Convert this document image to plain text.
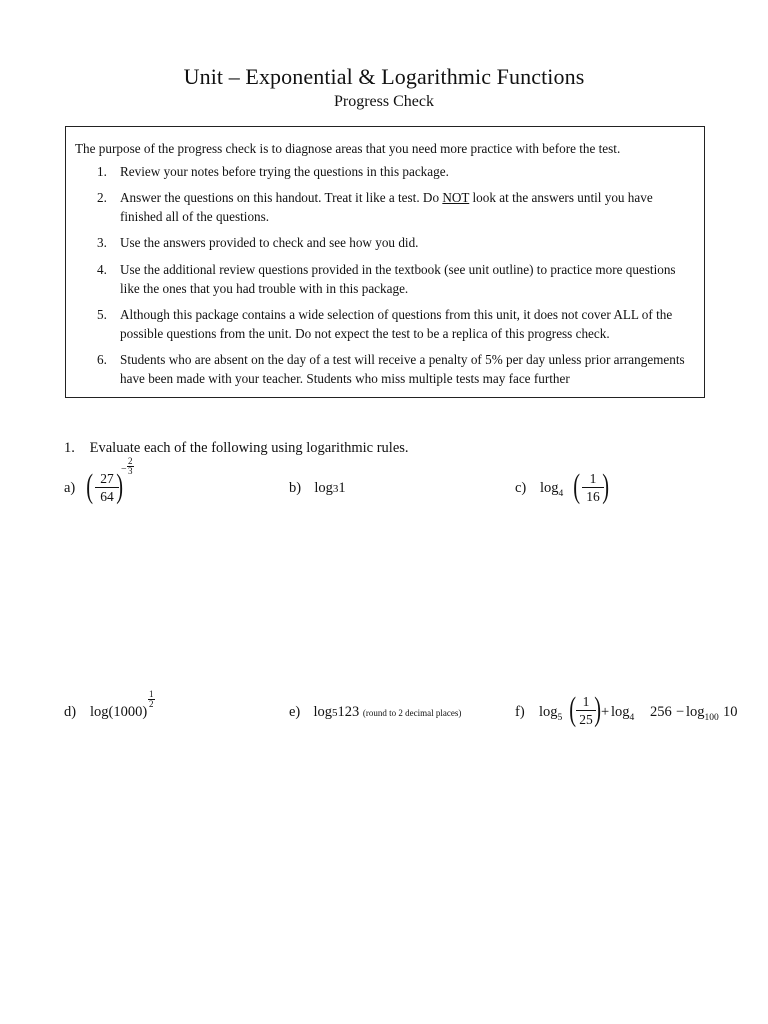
Unit – Exponential & Logarithmic Functions
Progress Check
The purpose of the progress check is to diagnose areas that you need more practice with before the test.
1. Review your notes before trying the questions in this package.
2. Answer the questions on this handout. Treat it like a test. Do NOT look at the answers until you have finished all of the questions.
3. Use the answers provided to check and see how you did.
4. Use the additional review questions provided in the textbook (see unit outline) to practice more questions like the ones that you had trouble with in this package.
5. Although this package contains a wide selection of questions from this unit, it does not cover ALL of the possible questions from the unit. Do not expect the test to be a replica of this progress check.
6. Students who are absent on the day of a test will receive a penalty of 5% per day unless prior arrangements have been made with your teacher. Students who miss multiple tests may face further
1. Evaluate each of the following using logarithmic rules.
a) ( $\frac{27}{64}$
)
− $\frac{2}{3}$
b) log31	c) $\log_4$ ( $\frac{1}{16}$
)
d) log(1000)
$\frac{1}{2}$
e) log5123 (round to 2 decimal places)	f) $\log_5$ ( $\frac{1}{25}$
) + $\log_4 256 - \log_{100} 10$
